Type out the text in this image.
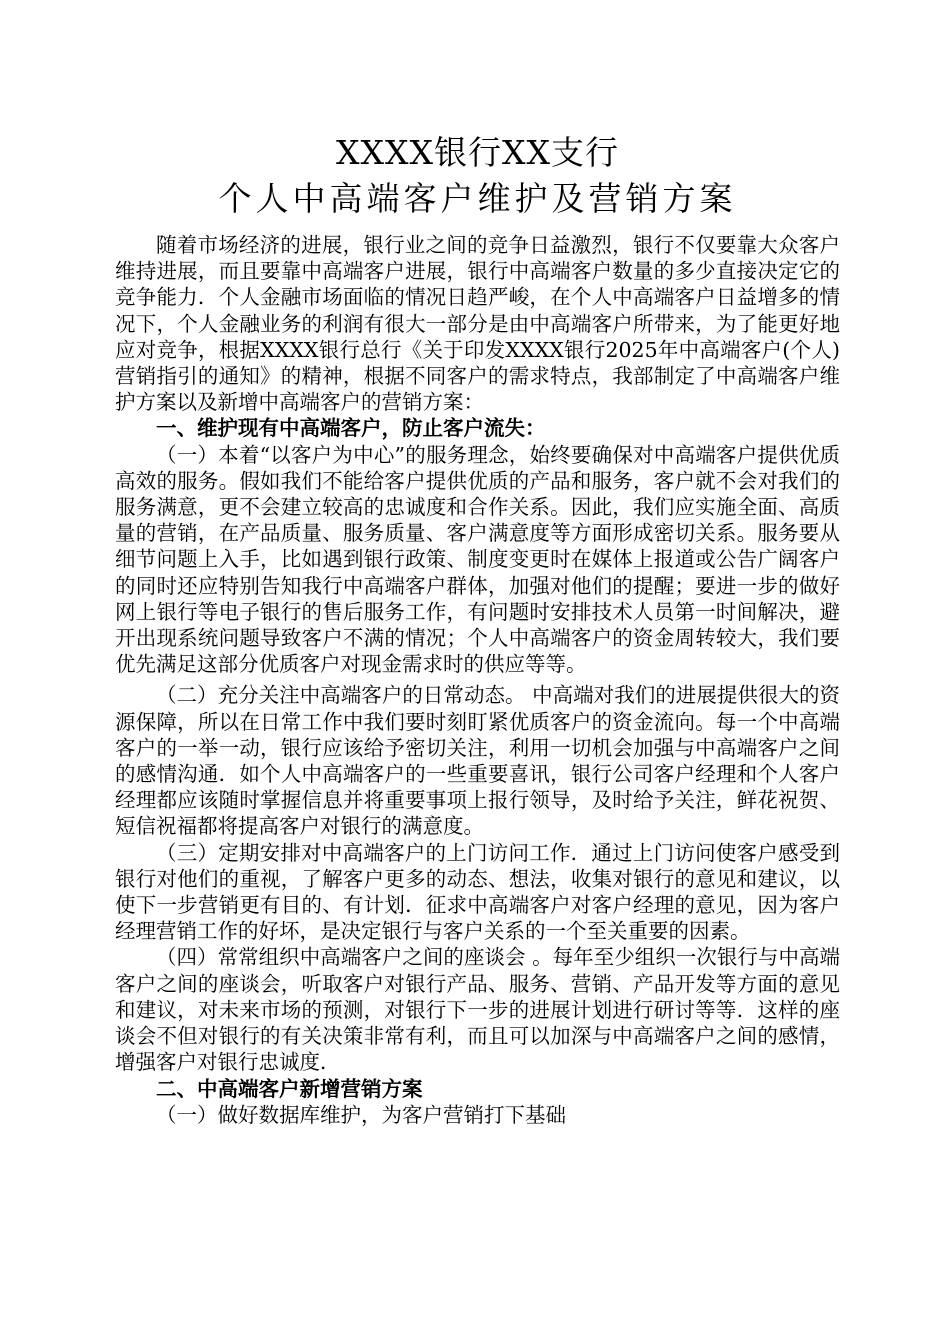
XXXX银行XX支行
个人中高端客户维护及营销方案

随着市场经济的进展，银行业之间的竞争日益激烈，银行不仅要靠大众客户维持进展，而且要靠中高端客户进展，银行中高端客户数量的多少直接决定它的竞争能力．个人金融市场面临的情况日趋严峻，在个人中高端客户日益增多的情况下，个人金融业务的利润有很大一部分是由中高端客户所带来，为了能更好地应对竞争，根据XXXX银行总行《关于印发XXXX银行2025年中高端客户(个人)营销指引的通知》的精神，根据不同客户的需求特点，我部制定了中高端客户维护方案以及新增中高端客户的营销方案：

一、维护现有中高端客户，防止客户流失：

（一）本着“以客户为中心”的服务理念，始终要确保对中高端客户提供优质高效的服务。假如我们不能给客户提供优质的产品和服务，客户就不会对我们的服务满意，更不会建立较高的忠诚度和合作关系。因此，我们应实施全面、高质量的营销，在产品质量、服务质量、客户满意度等方面形成密切关系。服务要从细节问题上入手，比如遇到银行政策、制度变更时在媒体上报道或公告广阔客户的同时还应特别告知我行中高端客户群体，加强对他们的提醒；要进一步的做好网上银行等电子银行的售后服务工作，有问题时安排技术人员第一时间解决，避开出现系统问题导致客户不满的情况；个人中高端客户的资金周转较大，我们要优先满足这部分优质客户对现金需求时的供应等等。

（二）充分关注中高端客户的日常动态。 中高端对我们的进展提供很大的资源保障，所以在日常工作中我们要时刻盯紧优质客户的资金流向。每一个中高端客户的一举一动，银行应该给予密切关注，利用一切机会加强与中高端客户之间的感情沟通．如个人中高端客户的一些重要喜讯，银行公司客户经理和个人客户经理都应该随时掌握信息并将重要事项上报行领导，及时给予关注，鲜花祝贺、短信祝福都将提高客户对银行的满意度。

（三）定期安排对中高端客户的上门访问工作．通过上门访问使客户感受到银行对他们的重视，了解客户更多的动态、想法，收集对银行的意见和建议，以使下一步营销更有目的、有计划．征求中高端客户对客户经理的意见，因为客户经理营销工作的好坏，是决定银行与客户关系的一个至关重要的因素。

（四）常常组织中高端客户之间的座谈会 。每年至少组织一次银行与中高端客户之间的座谈会，听取客户对银行产品、服务、营销、产品开发等方面的意见和建议，对未来市场的预测，对银行下一步的进展计划进行研讨等等．这样的座谈会不但对银行的有关决策非常有利，而且可以加深与中高端客户之间的感情，增强客户对银行忠诚度．

二、中高端客户新增营销方案

（一）做好数据库维护，为客户营销打下基础
